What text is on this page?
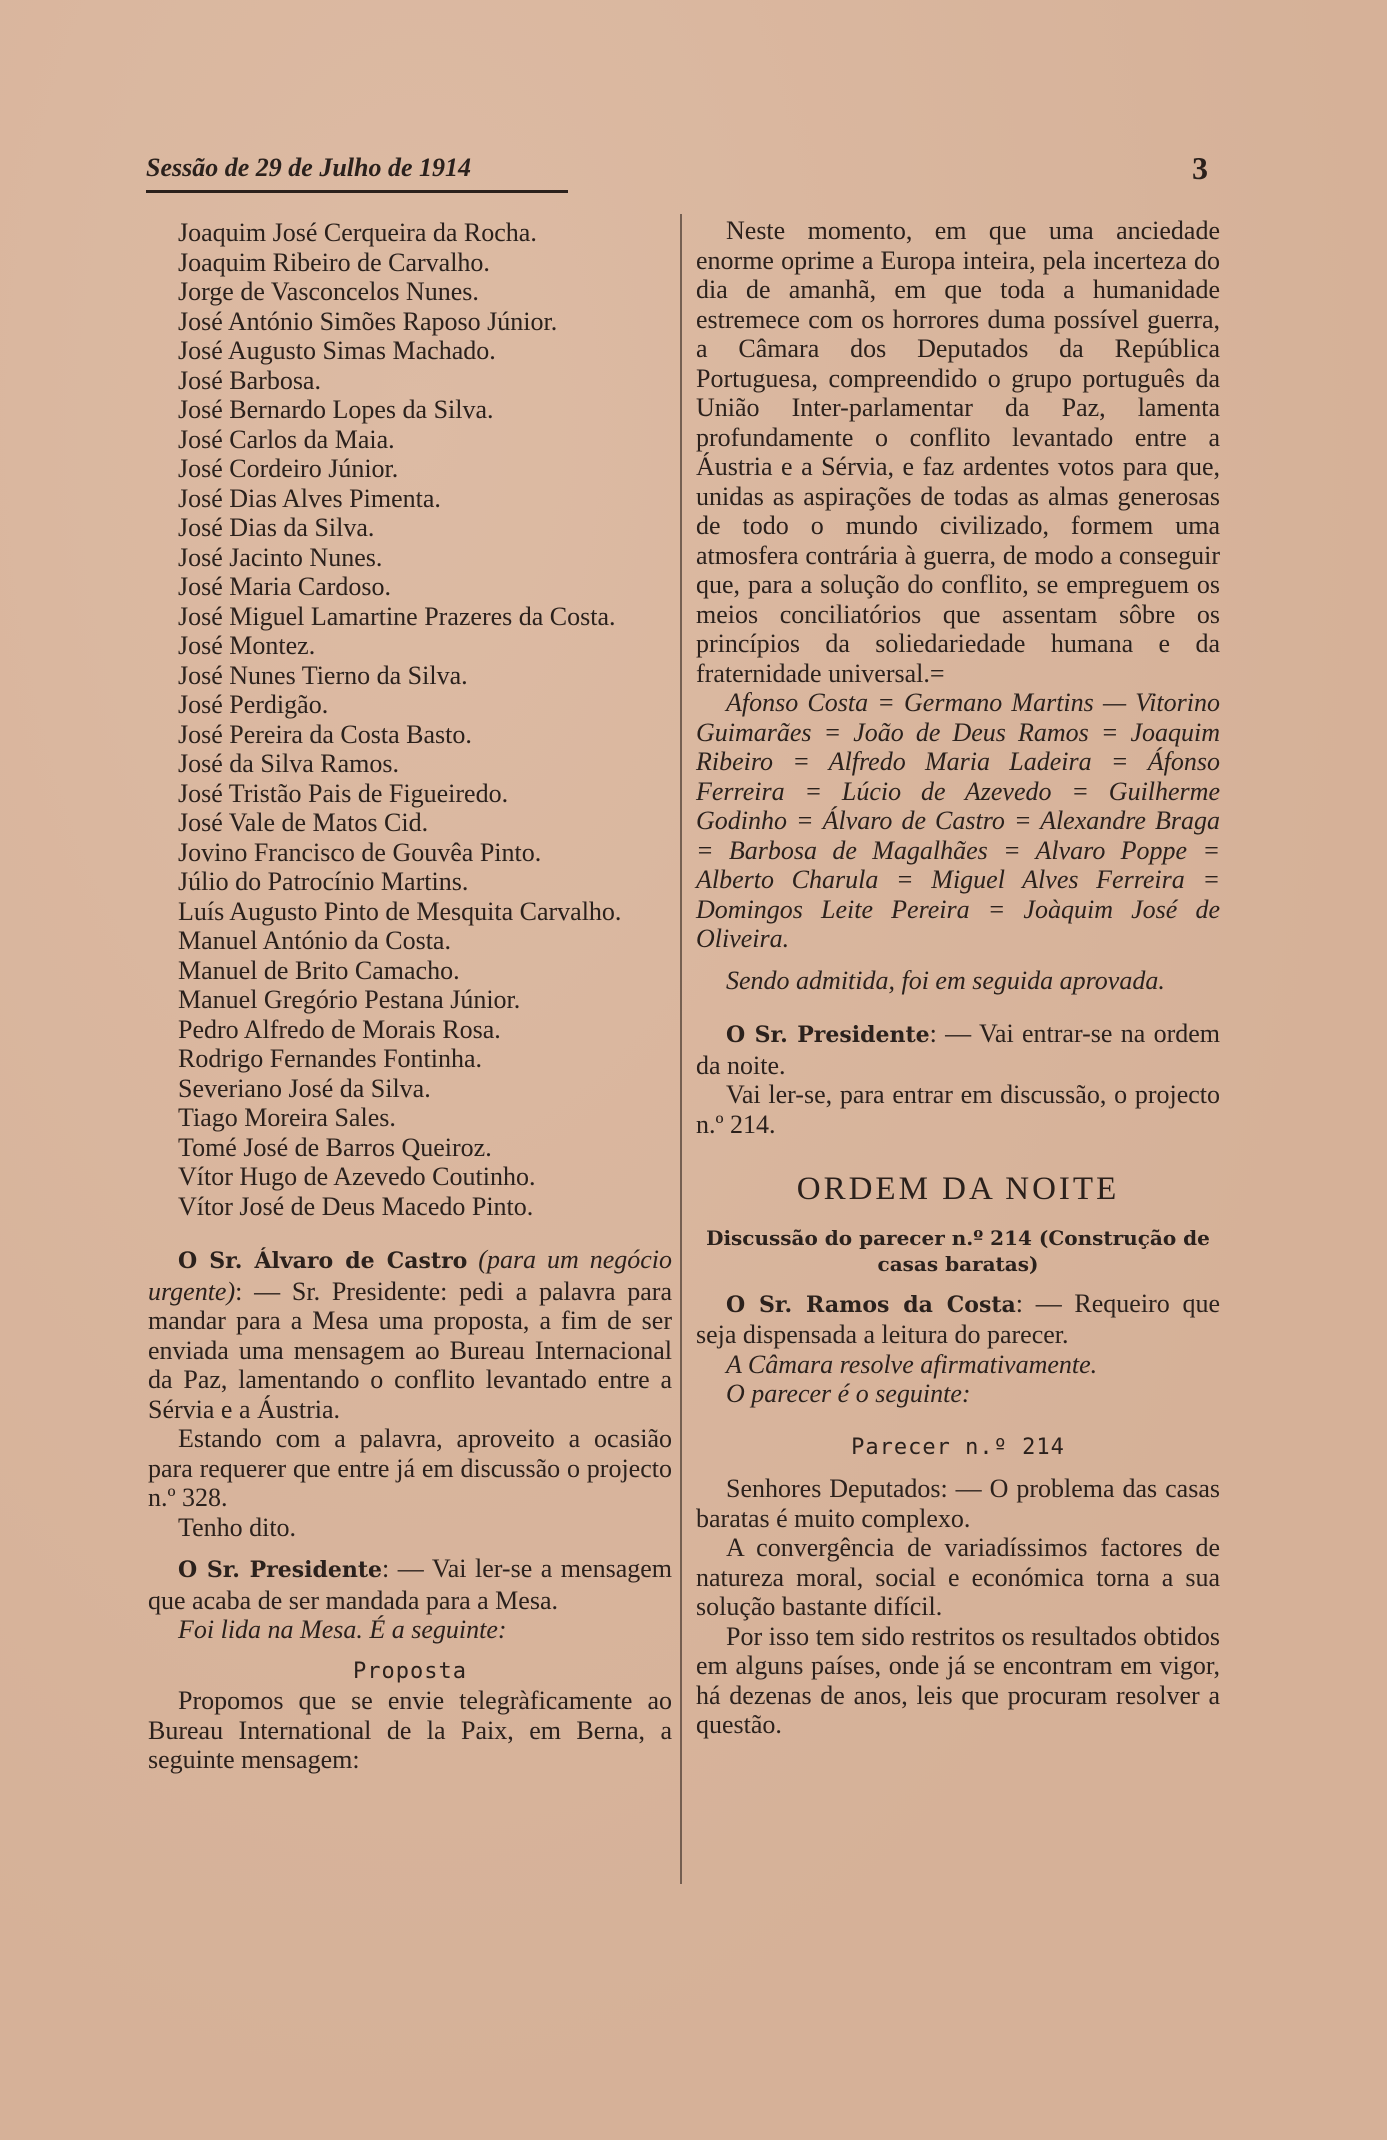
Sessão de 29 de Julho de 1914	3
Joaquim José Cerqueira da Rocha.
Joaquim Ribeiro de Carvalho.
Jorge de Vasconcelos Nunes.
José António Simões Raposo Júnior.
José Augusto Simas Machado.
José Barbosa.
José Bernardo Lopes da Silva.
José Carlos da Maia.
José Cordeiro Júnior.
José Dias Alves Pimenta.
José Dias da Silva.
José Jacinto Nunes.
José Maria Cardoso.
José Miguel Lamartine Prazeres da Costa.
José Montez.
José Nunes Tierno da Silva.
José Perdigão.
José Pereira da Costa Basto.
José da Silva Ramos.
José Tristão Pais de Figueiredo.
José Vale de Matos Cid.
Jovino Francisco de Gouvêa Pinto.
Júlio do Patrocínio Martins.
Luís Augusto Pinto de Mesquita Carvalho.
Manuel António da Costa.
Manuel de Brito Camacho.
Manuel Gregório Pestana Júnior.
Pedro Alfredo de Morais Rosa.
Rodrigo Fernandes Fontinha.
Severiano José da Silva.
Tiago Moreira Sales.
Tomé José de Barros Queiroz.
Vítor Hugo de Azevedo Coutinho.
Vítor José de Deus Macedo Pinto.

O Sr. Álvaro de Castro (para um negócio urgente): — Sr. Presidente: pedi a palavra para mandar para a Mesa uma proposta, a fim de ser enviada uma mensagem ao Bureau Internacional da Paz, lamentando o conflito levantado entre a Sérvia e a Áustria.

Estando com a palavra, aproveito a ocasião para requerer que entre já em discussão o projecto n.º 328.

Tenho dito.

O Sr. Presidente: — Vai ler-se a mensagem que acaba de ser mandada para a Mesa.

Foi lida na Mesa. É a seguinte:

Proposta

Propomos que se envie telegràficamente ao Bureau International de la Paix, em Berna, a seguinte mensagem:

Neste momento, em que uma anciedade enorme oprime a Europa inteira, pela incerteza do dia de amanhã, em que toda a humanidade estremece com os horrores duma possível guerra, a Câmara dos Deputados da República Portuguesa, compreendido o grupo português da União Inter-parlamentar da Paz, lamenta profundamente o conflito levantado entre a Áustria e a Sérvia, e faz ardentes votos para que, unidas as aspirações de todas as almas generosas de todo o mundo civilizado, formem uma atmosfera contrária à guerra, de modo a conseguir que, para a solução do conflito, se empreguem os meios conciliatórios que assentam sôbre os princípios da soliedariedade humana e da fraternidade universal.=

Afonso Costa = Germano Martins — Vitorino Guimarães = João de Deus Ramos = Joaquim Ribeiro = Alfredo Maria Ladeira = Áfonso Ferreira = Lúcio de Azevedo = Guilherme Godinho = Álvaro de Castro = Alexandre Braga = Barbosa de Magalhães = Alvaro Poppe = Alberto Charula = Miguel Alves Ferreira = Domingos Leite Pereira = Joàquim José de Oliveira.

Sendo admitida, foi em seguida aprovada.

O Sr. Presidente: — Vai entrar-se na ordem da noite.

Vai ler-se, para entrar em discussão, o projecto n.º 214.

ORDEM DA NOITE
Discussão do parecer n.º 214 (Construção de casas baratas)

O Sr. Ramos da Costa: — Requeiro que seja dispensada a leitura do parecer.

A Câmara resolve afirmativamente.

O parecer é o seguinte:

Parecer n.º 214

Senhores Deputados: — O problema das casas baratas é muito complexo.

A convergência de variadíssimos factores de natureza moral, social e económica torna a sua solução bastante difícil.

Por isso tem sido restritos os resultados obtidos em alguns países, onde já se encontram em vigor, há dezenas de anos, leis que procuram resolver a questão.
